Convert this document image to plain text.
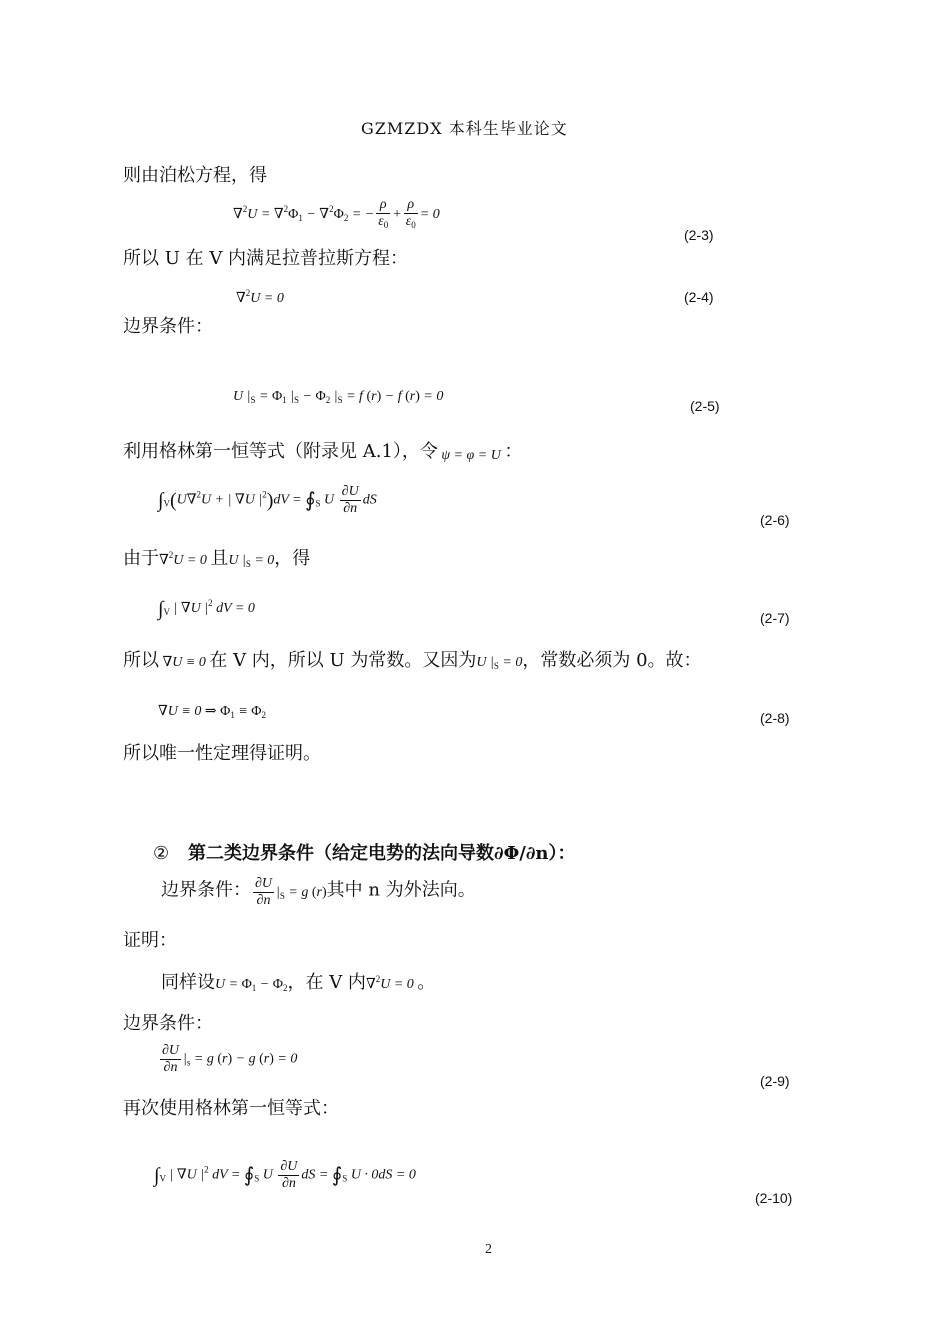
GZMZDX 本科生毕业论文
则由泊松方程，得
$\nabla^2U = \nabla^2\Phi_1 - \nabla^2\Phi_2$ = − $\frac{\rho}{\varepsilon_0} + \frac{\rho}{\varepsilon_0} = 0$
(2-3)
所以 U 在 V 内满足拉普拉斯方程：
∇$^2$U = 0	(2-4)
边界条件：
U $|_S = \Phi_1$ $|_S - \Phi_2$ $|_S = f$ (r) − f (r) = 0
(2-5)
利用格林第一恒等式（附录见 A.1），令 ψ = φ = U ：
$\int_V(U\nabla^2U$ + | ∇U $|^2)dV$ = $∮_S$ U $\frac{\partial U}{\partial n}$ dS
(2-6)
由于∇$^2$U = 0 且U $|_S = 0$，得
$\int_V$ | ∇U $|^2$ dV = 0
(2-7)
所以 ∇U ≡ 0 在 V 内，所以 U 为常数。又因为U $|_S = 0$，常数必须为 0。故：
∇U ≡ 0 ⇒ $\Phi_1 \equiv \Phi_2$	(2-8)
所以唯一性定理得证明。
② 第二类边界条件（给定电势的法向导数∂Φ/∂n）：
边界条件： $\frac{\partial U}{\partial n} |_S = g$ (r)其中 n 为外法向。
证明：
同样设$U = \Phi_1 - \Phi_2$，在 V 内∇$^2$U = 0 。
边界条件：
$\frac{\partial U}{\partial n} |_s = g$ (r) − g (r) = 0
(2-9)
再次使用格林第一恒等式：
$\int_V$ | ∇U $|^2$ dV = $∮_S$ U $\frac{\partial U}{\partial n}$ dS = $∮_S$ U · 0dS = 0
(2-10)
2
